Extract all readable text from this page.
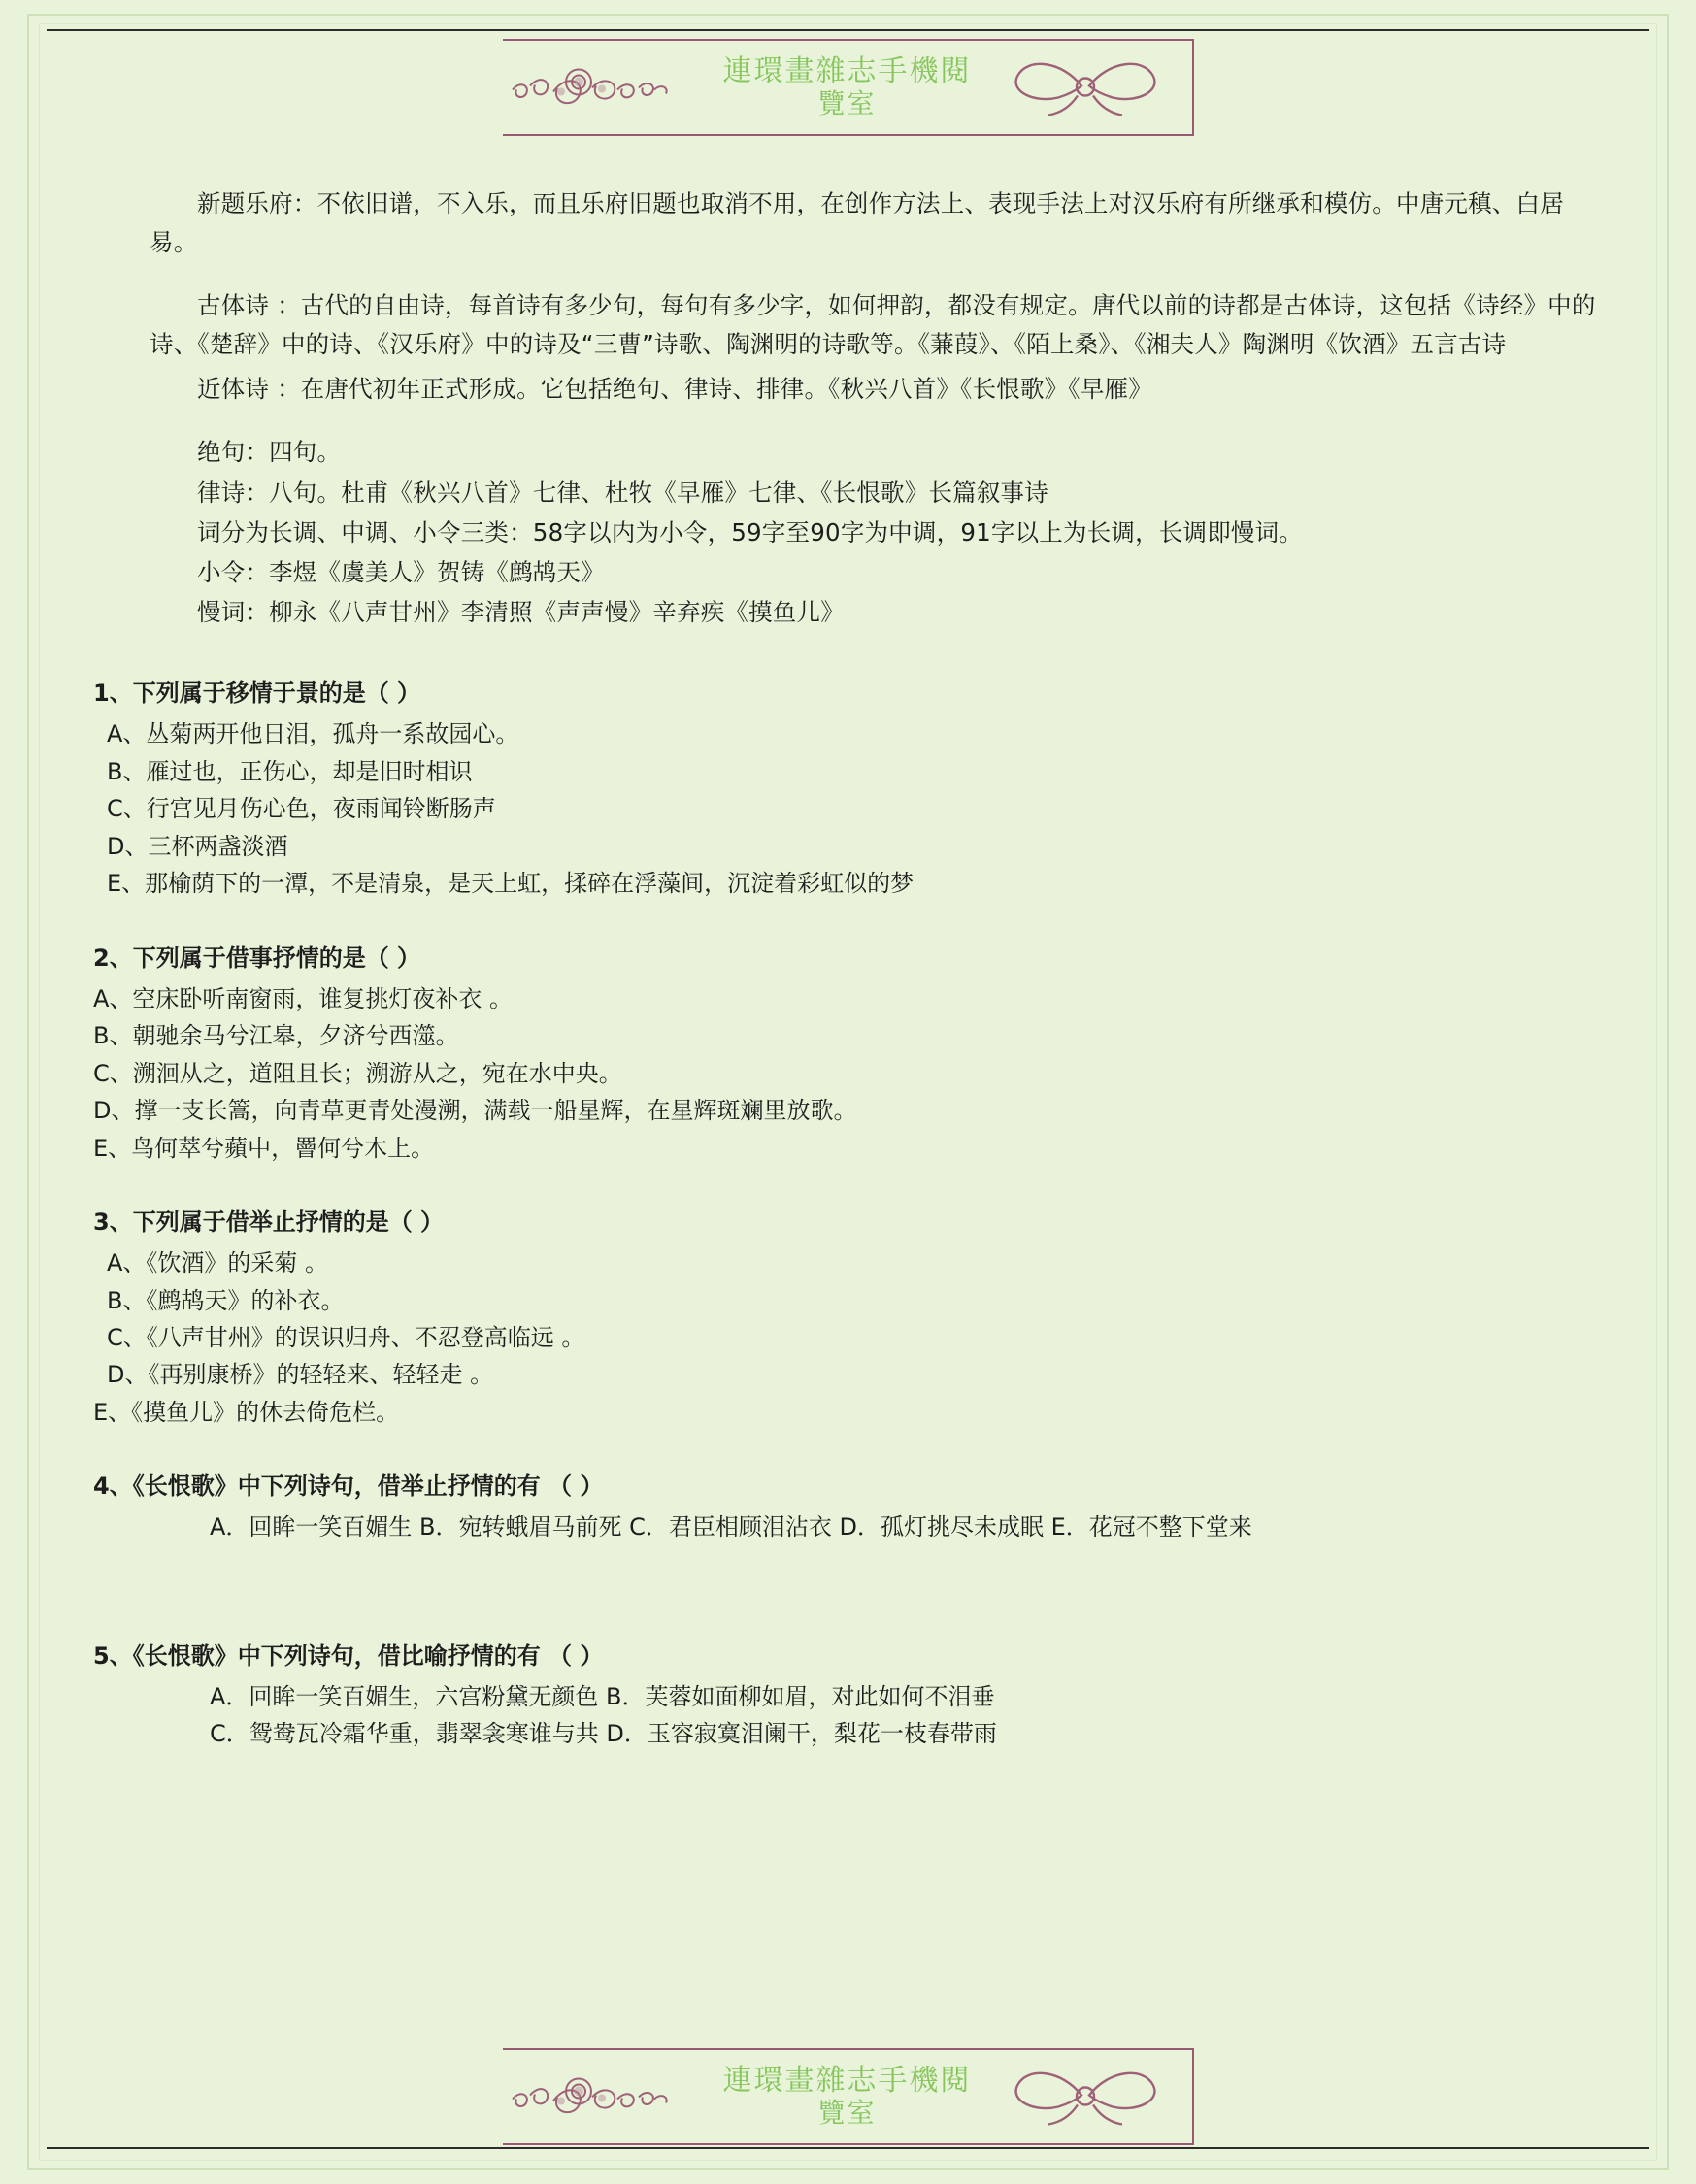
連環畫雜志手機閱
覽室

新题乐府：不依旧谱，不入乐，而且乐府旧题也取消不用，在创作方法上、表现手法上对汉乐府有所继承和模仿。中唐元稹、白居易。

古体诗 ：古代的自由诗，每首诗有多少句，每句有多少字，如何押韵，都没有规定。唐代以前的诗都是古体诗，这包括《诗经》中的诗、《楚辞》中的诗、《汉乐府》中的诗及“三曹”诗歌、陶渊明的诗歌等。《蒹葭》、《陌上桑》、《湘夫人》陶渊明《饮酒》五言古诗

近体诗 ：在唐代初年正式形成。它包括绝句、律诗、排律。《秋兴八首》《长恨歌》《早雁》

绝句：四句。

律诗：八句。杜甫《秋兴八首》七律、杜牧《早雁》七律、《长恨歌》长篇叙事诗

词分为长调、中调、小令三类：58字以内为小令，59字至90字为中调，91字以上为长调，长调即慢词。

小令：李煜《虞美人》贺铸《鹧鸪天》

慢词：柳永《八声甘州》李清照《声声慢》辛弃疾《摸鱼儿》

1、下列属于移情于景的是（ ）

A、丛菊两开他日泪，孤舟一系故园心。

B、雁过也，正伤心，却是旧时相识

C、行宫见月伤心色，夜雨闻铃断肠声

D、三杯两盏淡酒

E、那榆荫下的一潭，不是清泉，是天上虹，揉碎在浮藻间，沉淀着彩虹似的梦

2、下列属于借事抒情的是（ ）

A、空床卧听南窗雨，谁复挑灯夜补衣 。

B、朝驰余马兮江皋，夕济兮西澨。

C、溯洄从之，道阻且长；溯游从之，宛在水中央。

D、撑一支长篙，向青草更青处漫溯，满载一船星辉，在星辉斑斓里放歌。

E、鸟何萃兮蘋中，罾何兮木上。

3、下列属于借举止抒情的是（ ）

A、《饮酒》的采菊 。

B、《鹧鸪天》的补衣。

C、《八声甘州》的误识归舟、不忍登高临远 。

D、《再别康桥》的轻轻来、轻轻走 。

E、《摸鱼儿》的休去倚危栏。

4、《长恨歌》中下列诗句，借举止抒情的有 （ ）

A．回眸一笑百媚生 B．宛转蛾眉马前死 C．君臣相顾泪沾衣 D．孤灯挑尽未成眠 E．花冠不整下堂来

5、《长恨歌》中下列诗句，借比喻抒情的有 （ ）

A．回眸一笑百媚生，六宫粉黛无颜色 B．芙蓉如面柳如眉，对此如何不泪垂

C．鸳鸯瓦冷霜华重，翡翠衾寒谁与共 D．玉容寂寞泪阑干，梨花一枝春带雨

連環畫雜志手機閱
覽室
